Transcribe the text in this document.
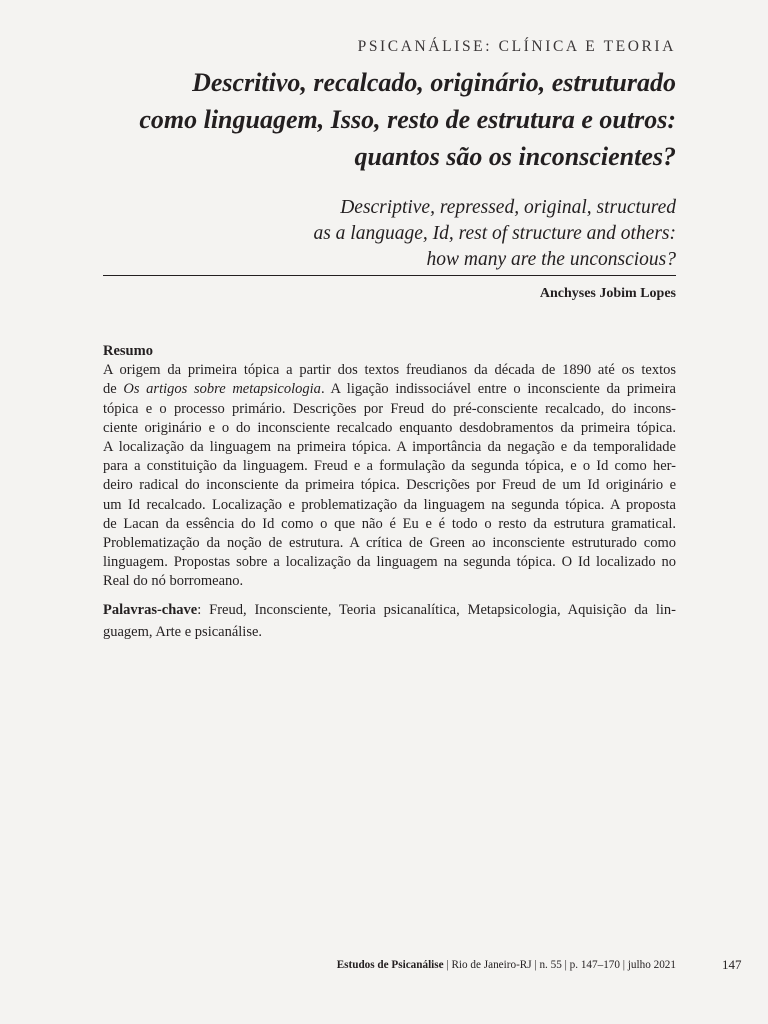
PSICANÁLISE: CLÍNICA E TEORIA
Descritivo, recalcado, originário, estruturado
como linguagem, Isso, resto de estrutura e outros:
quantos são os inconscientes?
Descriptive, repressed, original, structured
as a language, Id, rest of structure and others:
how many are the unconscious?
Anchyses Jobim Lopes
Resumo
A origem da primeira tópica a partir dos textos freudianos da década de 1890 até os textos
de Os artigos sobre metapsicologia. A ligação indissociável entre o inconsciente da primeira
tópica e o processo primário. Descrições por Freud do pré-consciente recalcado, do incons-
ciente originário e o do inconsciente recalcado enquanto desdobramentos da primeira tópica.
A localização da linguagem na primeira tópica. A importância da negação e da temporalidade
para a constituição da linguagem. Freud e a formulação da segunda tópica, e o Id como her-
deiro radical do inconsciente da primeira tópica. Descrições por Freud de um Id originário e
um Id recalcado. Localização e problematização da linguagem na segunda tópica. A proposta
de Lacan da essência do Id como o que não é Eu e é todo o resto da estrutura gramatical.
Problematização da noção de estrutura. A crítica de Green ao inconsciente estruturado como
linguagem. Propostas sobre a localização da linguagem na segunda tópica. O Id localizado no
Real do nó borromeano.
Palavras-chave: Freud, Inconsciente, Teoria psicanalítica, Metapsicologia, Aquisição da lin-
guagem, Arte e psicanálise.
Estudos de Psicanálise | Rio de Janeiro-RJ | n. 55 | p. 147–170 | julho 2021	147
